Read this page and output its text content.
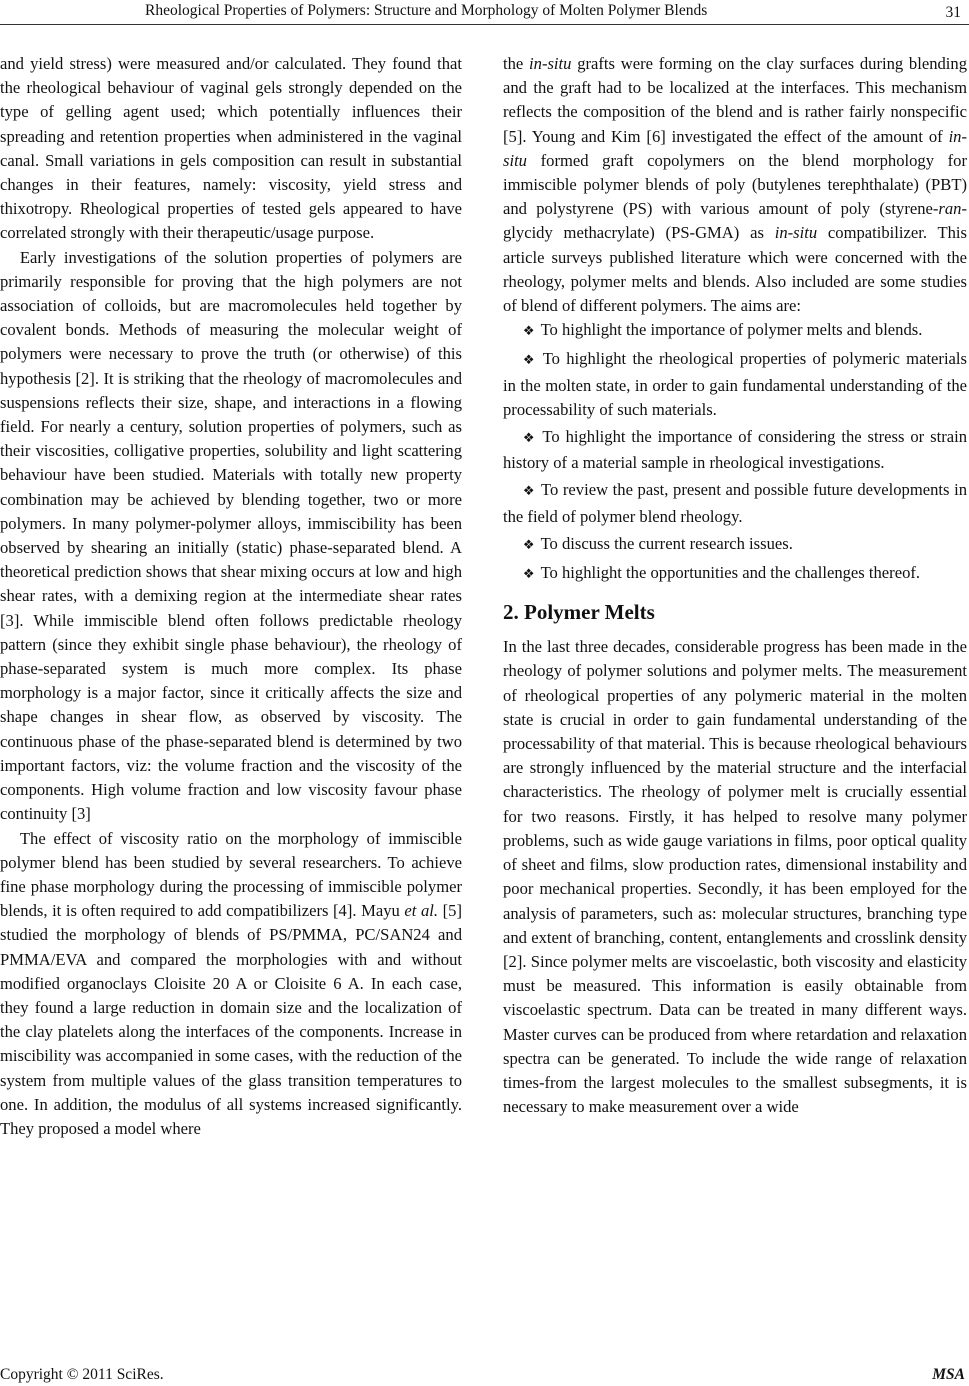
Rheological Properties of Polymers: Structure and Morphology of Molten Polymer Blends	31

and yield stress) were measured and/or calculated. They found that the rheological behaviour of vaginal gels strongly depended on the type of gelling agent used; which potentially influences their spreading and retention properties when administered in the vaginal canal. Small variations in gels composition can result in substantial changes in their features, namely: viscosity, yield stress and thixotropy. Rheological properties of tested gels appeared to have correlated strongly with their therapeutic/usage purpose.

Early investigations of the solution properties of polymers are primarily responsible for proving that the high polymers are not association of colloids, but are macromolecules held together by covalent bonds. Methods of measuring the molecular weight of polymers were necessary to prove the truth (or otherwise) of this hypothesis [2]. It is striking that the rheology of macromolecules and suspensions reflects their size, shape, and interactions in a flowing field. For nearly a century, solution properties of polymers, such as their viscosities, colligative properties, solubility and light scattering behaviour have been studied. Materials with totally new property combination may be achieved by blending together, two or more polymers. In many polymer-polymer alloys, immiscibility has been observed by shearing an initially (static) phase-separated blend. A theoretical prediction shows that shear mixing occurs at low and high shear rates, with a demixing region at the intermediate shear rates [3]. While immiscible blend often follows predictable rheology pattern (since they exhibit single phase behaviour), the rheology of phase-separated system is much more complex. Its phase morphology is a major factor, since it critically affects the size and shape changes in shear flow, as observed by viscosity. The continuous phase of the phase-separated blend is determined by two important factors, viz: the volume fraction and the viscosity of the components. High volume fraction and low viscosity favour phase continuity [3]

The effect of viscosity ratio on the morphology of immiscible polymer blend has been studied by several researchers. To achieve fine phase morphology during the processing of immiscible polymer blends, it is often required to add compatibilizers [4]. Mayu et al. [5] studied the morphology of blends of PS/PMMA, PC/SAN24 and PMMA/EVA and compared the morphologies with and without modified organoclays Cloisite 20 A or Cloisite 6 A. In each case, they found a large reduction in domain size and the localization of the clay platelets along the interfaces of the components. Increase in miscibility was accompanied in some cases, with the reduction of the system from multiple values of the glass transition temperatures to one. In addition, the modulus of all systems increased significantly. They proposed a model where

the in-situ grafts were forming on the clay surfaces during blending and the graft had to be localized at the interfaces. This mechanism reflects the composition of the blend and is rather fairly nonspecific [5]. Young and Kim [6] investigated the effect of the amount of in-situ formed graft copolymers on the blend morphology for immiscible polymer blends of poly (butylenes terephthalate) (PBT) and polystyrene (PS) with various amount of poly (styrene-ran-glycidy methacrylate) (PS-GMA) as in-situ compatibilizer. This article surveys published literature which were concerned with the rheology, polymer melts and blends. Also included are some studies of blend of different polymers. The aims are:

❖ To highlight the importance of polymer melts and blends.
❖ To highlight the rheological properties of polymeric materials in the molten state, in order to gain fundamental understanding of the processability of such materials.
❖ To highlight the importance of considering the stress or strain history of a material sample in rheological investigations.
❖ To review the past, present and possible future developments in the field of polymer blend rheology.
❖ To discuss the current research issues.
❖ To highlight the opportunities and the challenges thereof.
2. Polymer Melts

In the last three decades, considerable progress has been made in the rheology of polymer solutions and polymer melts. The measurement of rheological properties of any polymeric material in the molten state is crucial in order to gain fundamental understanding of the processability of that material. This is because rheological behaviours are strongly influenced by the material structure and the interfacial characteristics. The rheology of polymer melt is crucially essential for two reasons. Firstly, it has helped to resolve many polymer problems, such as wide gauge variations in films, poor optical quality of sheet and films, slow production rates, dimensional instability and poor mechanical properties. Secondly, it has been employed for the analysis of parameters, such as: molecular structures, branching type and extent of branching, content, entanglements and crosslink density [2]. Since polymer melts are viscoelastic, both viscosity and elasticity must be measured. This information is easily obtainable from viscoelastic spectrum. Data can be treated in many different ways. Master curves can be produced from where retardation and relaxation spectra can be generated. To include the wide range of relaxation times-from the largest molecules to the smallest subsegments, it is necessary to make measurement over a wide

Copyright © 2011 SciRes.	MSA
